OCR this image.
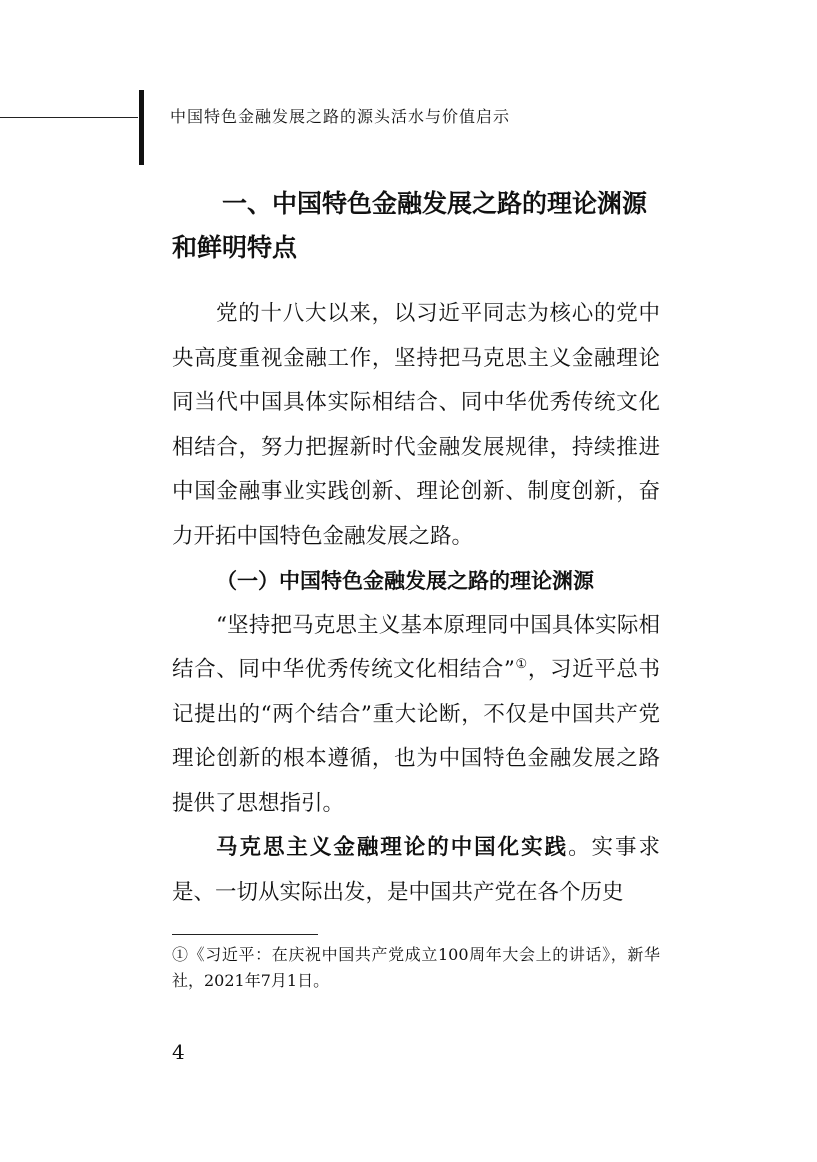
中国特色金融发展之路的源头活水与价值启示
一、中国特色金融发展之路的理论渊源和鲜明特点

党的十八大以来，以习近平同志为核心的党中央高度重视金融工作，坚持把马克思主义金融理论同当代中国具体实际相结合、同中华优秀传统文化相结合，努力把握新时代金融发展规律，持续推进中国金融事业实践创新、理论创新、制度创新，奋力开拓中国特色金融发展之路。

（一）中国特色金融发展之路的理论渊源

“坚持把马克思主义基本原理同中国具体实际相结合、同中华优秀传统文化相结合”①，习近平总书记提出的“两个结合”重大论断，不仅是中国共产党理论创新的根本遵循，也为中国特色金融发展之路提供了思想指引。

马克思主义金融理论的中国化实践。实事求是、一切从实际出发，是中国共产党在各个历史

①《习近平：在庆祝中国共产党成立100周年大会上的讲话》，新华社，2021年7月1日。
4
